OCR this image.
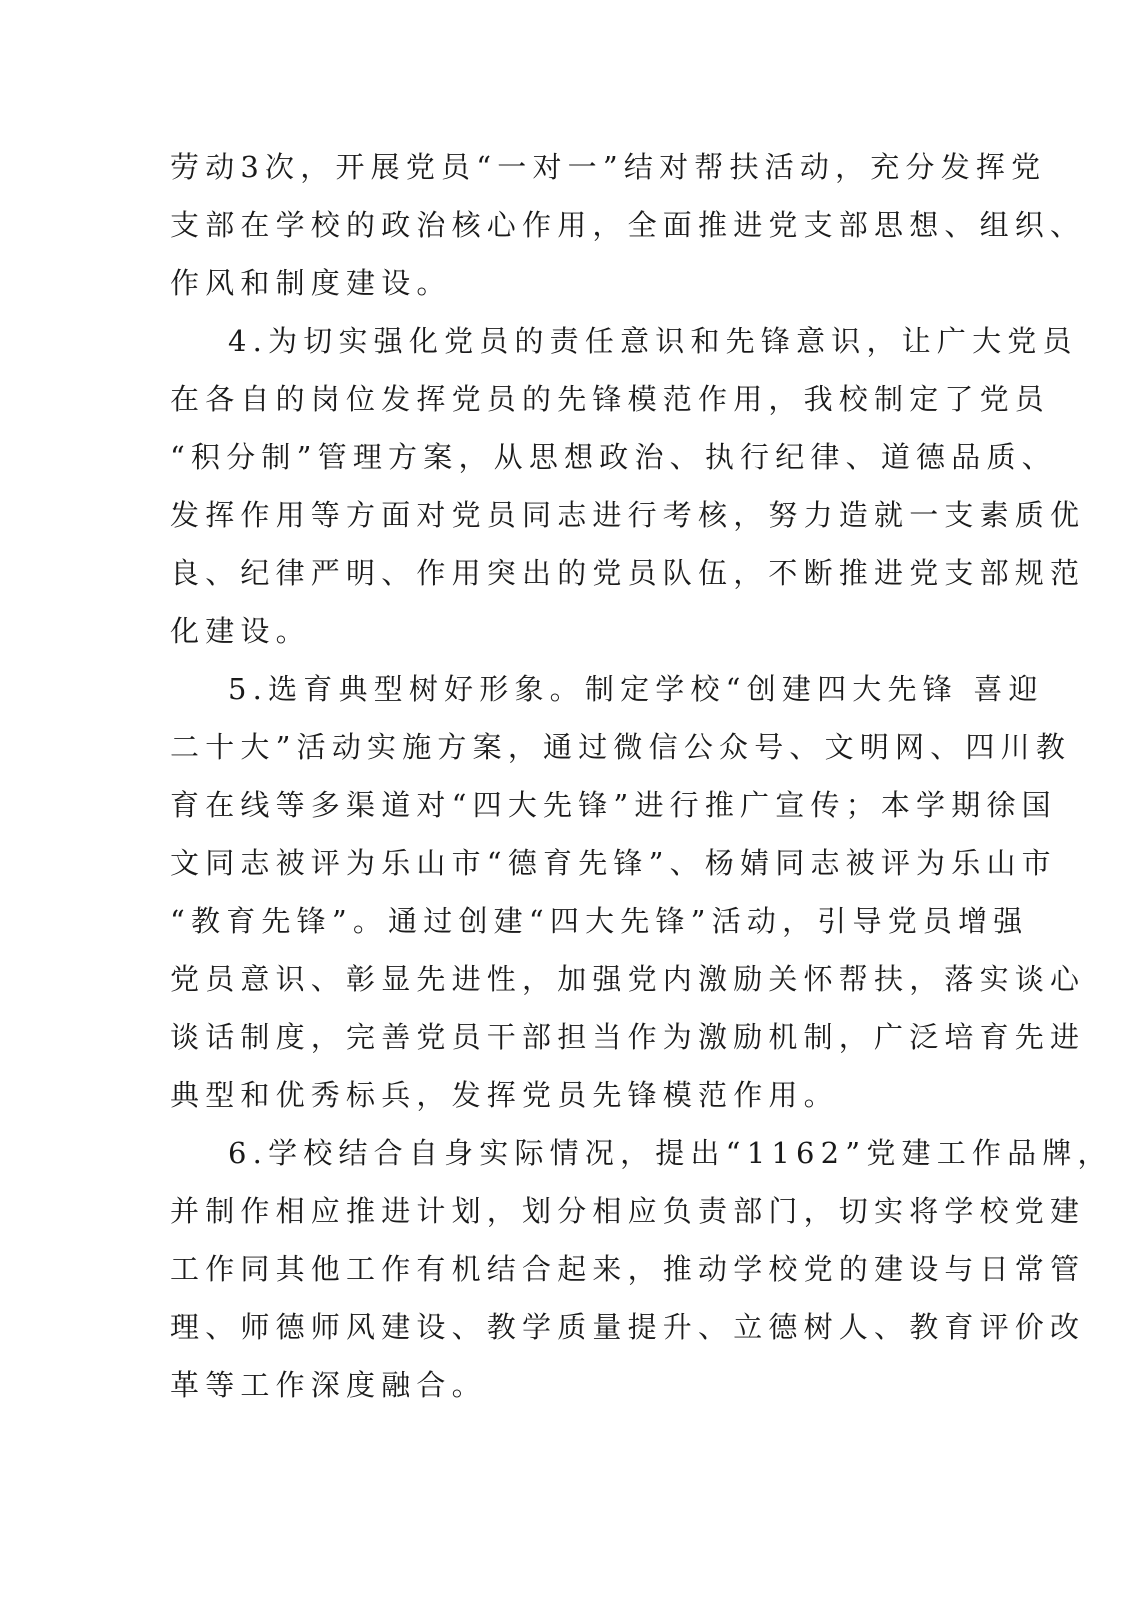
劳动3次，开展党员“一对一”结对帮扶活动，充分发挥党
支部在学校的政治核心作用，全面推进党支部思想、组织、
作风和制度建设。
4.为切实强化党员的责任意识和先锋意识，让广大党员
在各自的岗位发挥党员的先锋模范作用，我校制定了党员
“积分制”管理方案，从思想政治、执行纪律、道德品质、
发挥作用等方面对党员同志进行考核，努力造就一支素质优
良、纪律严明、作用突出的党员队伍，不断推进党支部规范
化建设。
5.选育典型树好形象。制定学校“创建四大先锋 喜迎
二十大”活动实施方案，通过微信公众号、文明网、四川教
育在线等多渠道对“四大先锋”进行推广宣传；本学期徐国
文同志被评为乐山市“德育先锋”、杨婧同志被评为乐山市
“教育先锋”。通过创建“四大先锋”活动，引导党员增强
党员意识、彰显先进性，加强党内激励关怀帮扶，落实谈心
谈话制度，完善党员干部担当作为激励机制，广泛培育先进
典型和优秀标兵，发挥党员先锋模范作用。
6.学校结合自身实际情况，提出“1162”党建工作品牌，
并制作相应推进计划，划分相应负责部门，切实将学校党建
工作同其他工作有机结合起来，推动学校党的建设与日常管
理、师德师风建设、教学质量提升、立德树人、教育评价改
革等工作深度融合。
